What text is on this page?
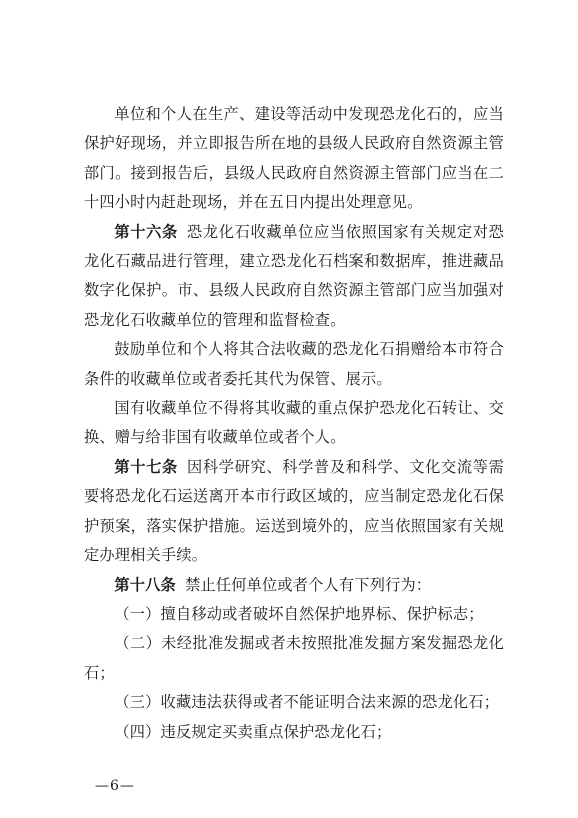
单位和个人在生产、建设等活动中发现恐龙化石的，应当保护好现场，并立即报告所在地的县级人民政府自然资源主管部门。接到报告后，县级人民政府自然资源主管部门应当在二十四小时内赶赴现场，并在五日内提出处理意见。

第十六条 恐龙化石收藏单位应当依照国家有关规定对恐龙化石藏品进行管理，建立恐龙化石档案和数据库，推进藏品数字化保护。市、县级人民政府自然资源主管部门应当加强对恐龙化石收藏单位的管理和监督检查。

鼓励单位和个人将其合法收藏的恐龙化石捐赠给本市符合条件的收藏单位或者委托其代为保管、展示。

国有收藏单位不得将其收藏的重点保护恐龙化石转让、交换、赠与给非国有收藏单位或者个人。

第十七条 因科学研究、科学普及和科学、文化交流等需要将恐龙化石运送离开本市行政区域的，应当制定恐龙化石保护预案，落实保护措施。运送到境外的，应当依照国家有关规定办理相关手续。

第十八条 禁止任何单位或者个人有下列行为：

（一）擅自移动或者破坏自然保护地界标、保护标志；

（二）未经批准发掘或者未按照批准发掘方案发掘恐龙化石；

（三）收藏违法获得或者不能证明合法来源的恐龙化石；

（四）违反规定买卖重点保护恐龙化石；

—6—
